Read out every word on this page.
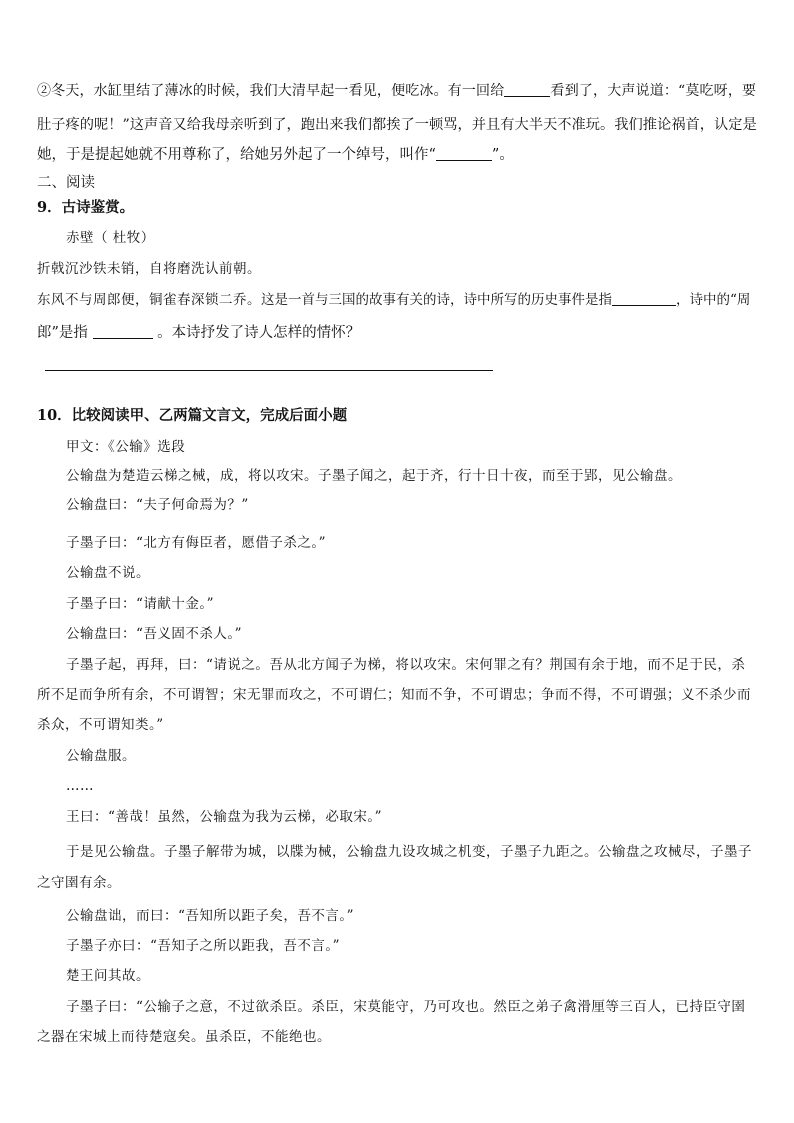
②冬天，水缸里结了薄冰的时候，我们大清早起一看见，便吃冰。有一回给	看到了，大声说道：“莫吃呀，要
肚子疼的呢！”这声音又给我母亲听到了，跑出来我们都挨了一顿骂，并且有大半天不准玩。我们推论祸首，认定是
她，于是提起她就不用尊称了，给她另外起了一个绰号，叫作“	”。
二、阅读
9．古诗鉴赏。
赤壁（ 杜牧）
折戟沉沙铁未销，自将磨洗认前朝。
东风不与周郎便，铜雀春深锁二乔。这是一首与三国的故事有关的诗，诗中所写的历史事件是指	，诗中的“周
郎”是指	。本诗抒发了诗人怎样的情怀？
10．比较阅读甲、乙两篇文言文，完成后面小题
甲文：《公输》选段
公输盘为楚造云梯之械，成，将以攻宋。子墨子闻之，起于齐，行十日十夜，而至于郢，见公输盘。
公输盘曰：“夫子何命焉为？”
子墨子曰：“北方有侮臣者，愿借子杀之。”
公输盘不说。
子墨子曰：“请献十金。”
公输盘曰：“吾义固不杀人。”
子墨子起，再拜，曰：“请说之。吾从北方闻子为梯，将以攻宋。宋何罪之有？荆国有余于地，而不足于民，杀
所不足而争所有余，不可谓智；宋无罪而攻之，不可谓仁；知而不争，不可谓忠；争而不得，不可谓强；义不杀少而
杀众，不可谓知类。”
公输盘服。
……
王曰：“善哉！虽然，公输盘为我为云梯，必取宋。”
于是见公输盘。子墨子解带为城，以牒为械，公输盘九设攻城之机变，子墨子九距之。公输盘之攻械尽，子墨子
之守圉有余。
公输盘诎，而曰：“吾知所以距子矣，吾不言。”
子墨子亦曰：“吾知子之所以距我，吾不言。”
楚王问其故。
子墨子曰：“公输子之意，不过欲杀臣。杀臣，宋莫能守，乃可攻也。然臣之弟子禽滑厘等三百人，已持臣守圉
之器在宋城上而待楚寇矣。虽杀臣，不能绝也。
